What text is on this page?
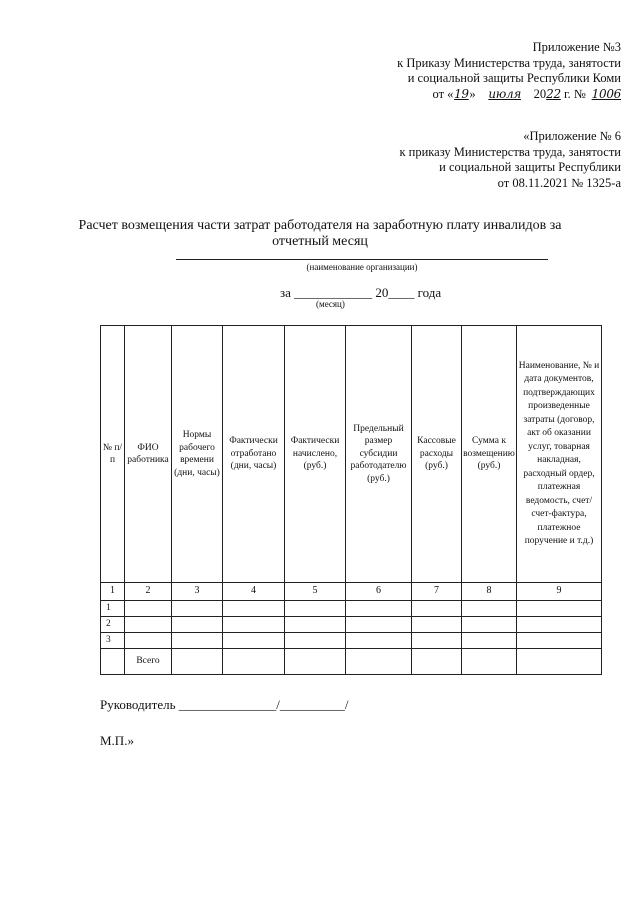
Приложение №3
к Приказу Министерства труда, занятости
и социальной защиты Республики Коми
от «19» июля 2022 г. № 1006
«Приложение № 6
к приказу Министерства труда, занятости
и социальной защиты Республики
от 08.11.2021 № 1325-а
Расчет возмещения части затрат работодателя на заработную плату инвалидов за
отчетный месяц
(наименование организации)
за ____________ 20____ года
(месяц)
№ п/п	ФИО работника	Нормы рабочего времени (дни, часы)	Фактически отработано (дни, часы)	Фактически начислено, (руб.)	Предельный размер субсидии работодателю (руб.)	Кассовые расходы (руб.)	Сумма к возмещению (руб.)	Наименование, № и дата документов, подтверждающих произведенные затраты (договор, акт об оказании услуг, товарная накладная, расходный ордер, платежная ведомость, счет/счет-фактура, платежное поручение и т.д.)
1	2	3	4	5	6	7	8	9
1								
2								
3								
	Всего							
Руководитель _______________/__________/
М.П.»
